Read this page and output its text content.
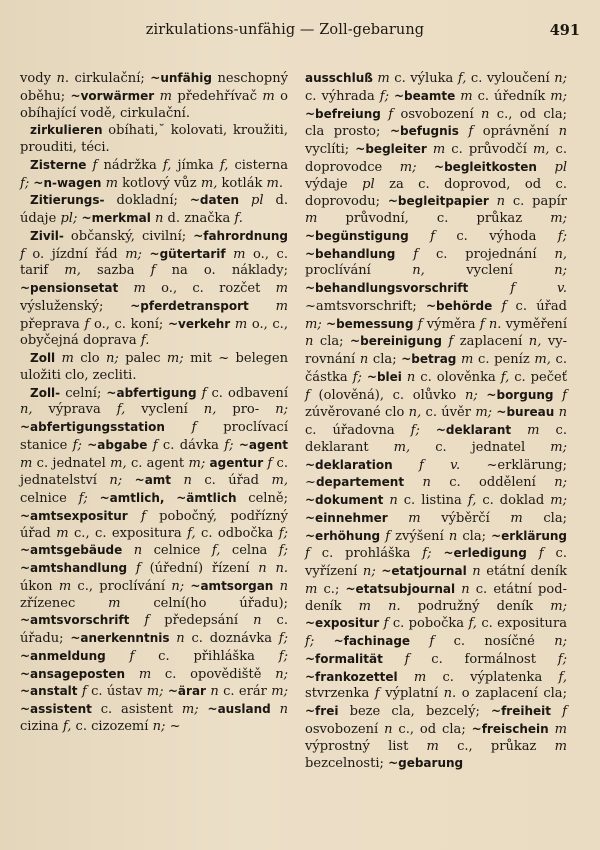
zirkulations-unfähig — Zoll-gebarung	491

vody n. cirkulační; ~unfähig neschopný oběhu; ~vorwärmer m předehřívač m o obíhající vodě, cirkulační.

zirkulieren obíhati,˘ kolovati, kroužiti, prouditi, téci.

Zisterne f nádržka f, jímka f, cisterna f; ~n-wagen m kotlový vůz m, kotlák m.

Zitierungs- dokladní; ~daten pl d. údaje pl; ~merkmal n d. značka f.

Zivil- občanský, civilní; ~fahrordnung f o. jízdní řád m; ~gütertarif m o., c. tarif m, sazba f na o. náklady; ~pensionsetat m o., c. rozčet m výsluženský; ~pferdetransport m přeprava f o., c. koní; ~verkehr m o., c., obyčejná doprava f.

Zoll m clo n; palec m; mit ~ belegen uložiti clo, zecliti.

Zoll- celní; ~abfertigung f c. odbavení n, výprava f, vyclení n, pro- n; ~abfertigungsstation f proclívací stanice f; ~abgabe f c. dávka f; ~agent m c. jednatel m, c. agent m; agentur f c. jednatelství n; ~amt n c. úřad m, celnice f; ~amtlich, ~ämtlich celně; ~amtsexpositur f pobočný, podřízný úřad m c., c. expositura f, c. odbočka f; ~amtsgebäude n celnice f, celna f; ~amtshandlung f (úřední) řízení n n. úkon m c., proclívání n; ~amtsorgan n zřízenec m celní(ho úřadu); ~amtsvorschrift f předepsání n c. úřadu; ~anerkenntnis n c. doznávka f; ~anmeldung f c. přihláška f; ~ansageposten m c. opovědiště n; ~anstalt f c. ústav m; ~ärar n c. erár m; ~assistent c. asistent m; ~ausland n cizina f, c. cizozemí n; ~

ausschluß m c. výluka f, c. vyloučení n; c. výhrada f; ~beamte m c. úředník m; ~befreiung f osvobození n c., od cla; cla prosto; ~befugnis f oprávnění n vyclíti; ~begleiter m c. průvodčí m, c. doprovodce m; ~begleitkosten pl výdaje pl za c. doprovod, od c. doprovodu; ~begleitpapier n c. papír m průvodní, c. průkaz m; ~begünstigung f c. výhoda f; ~behandlung f c. projednání n, proclívání n, vyclení n; ~behandlungsvorschrift	f v. ~amtsvorschrift; ~behörde f c. úřad m; ~bemessung f výměra f n. vyměření n cla; ~bereinigung f zaplacení n, vyrovnání n cla; ~betrag m c. peníz m, c. částka f; ~blei n c. olověnka f, c. pečeť f (olověná), c. olůvko n; ~borgung f zúvěrované clo n, c. úvěr m; ~bureau n c. úřadovna f; ~deklarant m c. deklarant m, c. jednatel m; ~deklaration f v. ~erklärung; ~departement n c. oddělení n; ~dokument n c. listina f, c. doklad m; ~einnehmer m výběrčí m cla; ~erhöhung f zvýšení n cla; ~erklärung f c. prohláška f; ~erledigung f c. vyřízení n; ~etatjournal n etátní deník m c.; ~etatsubjournal n c. etátní poddeník m n. podružný deník m; ~expositur f c. pobočka f, c. expositura f; ~fachinage f c. nosíčné n; ~formalität f c. formálnost f; ~frankozettel m c. výplatenka f, stvrzenka f výplatní n. o zaplacení cla; ~frei beze cla, bezcelý; ~freiheit f osvobození n c., od cla; ~freischein m výprostný list m c., průkaz m bezcelnosti; ~gebarung
